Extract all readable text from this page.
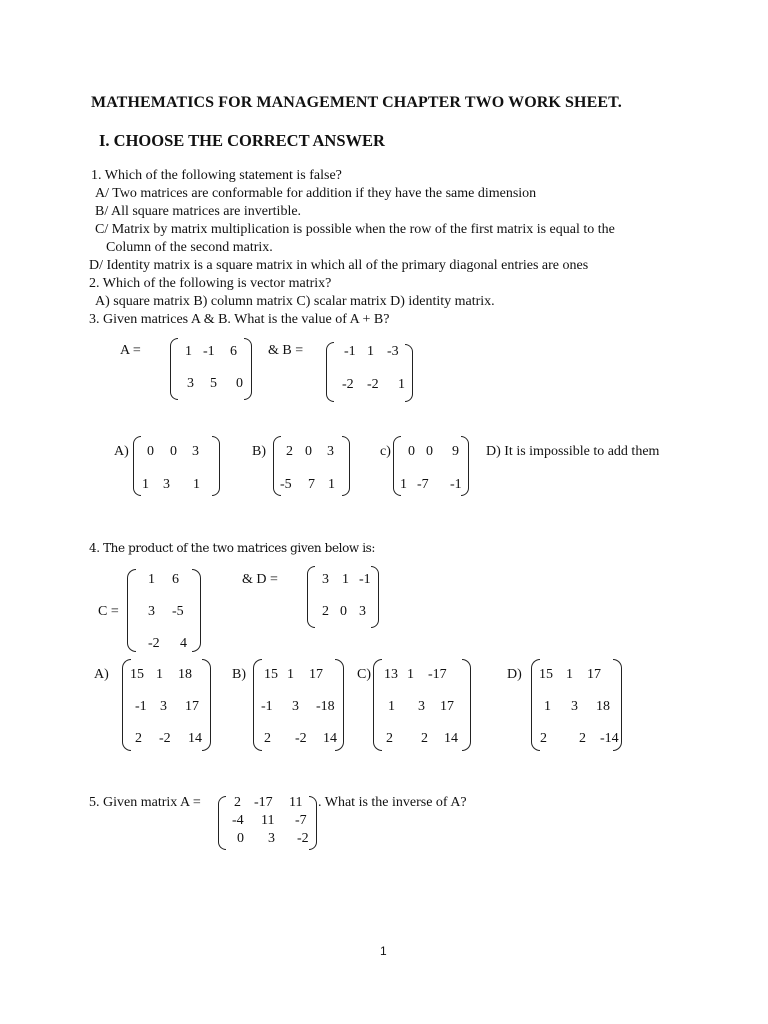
MATHEMATICS FOR MANAGEMENT CHAPTER TWO WORK SHEET.
I. CHOOSE THE CORRECT ANSWER
1. Which of the following statement is false?
A/ Two matrices are conformable for addition if they have the same dimension
B/ All square matrices are invertible.
C/ Matrix by matrix multiplication is possible when the row of the first matrix is equal to the
Column of the second matrix.
D/ Identity matrix is a square matrix in which all of the primary diagonal entries are ones
2. Which of the following is vector matrix?
A) square matrix B) column matrix C) scalar matrix D) identity matrix.
3. Given matrices A & B. What is the value of A + B?
A =	1 -1 6
3 5 0
& B =	-1 1 -3
-2 -2 1
A) 0 0 3
1 3 1
B) 2 0 3
-5 7 1
c) 0 0 9
1 -7 -1
D) It is impossible to add them
4. The product of the two matrices given below is:
C =
1 6
3 -5
-2 4
& D =	3 1 -1
2 0 3
A) 15 1 18
-1 3 17
2 -2 14
B) 15 1 17
-1 3 -18
2 -2 14
C) 13 1 -17
1 3 17
2 2 14
D) 15 1 17
1 3 18
2 2 -14
5. Given matrix A = 2 -17 11
-4 11 -7
0 3 -2
. What is the inverse of A?
1
